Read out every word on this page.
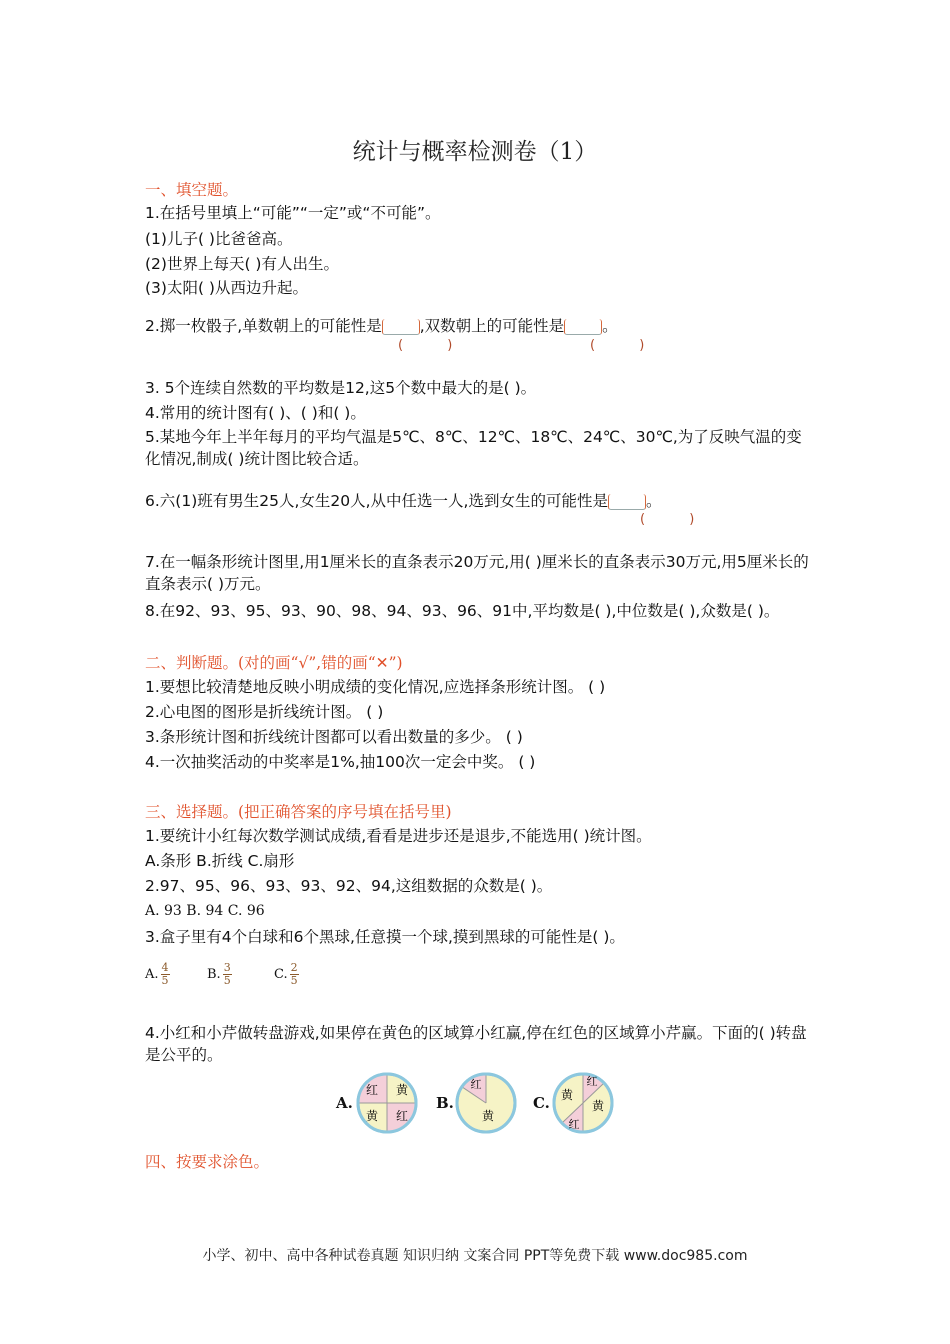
统计与概率检测卷（1）
一、填空题。
1.在括号里填上“可能”“一定”或“不可能”。
(1)儿子( )比爸爸高。
(2)世界上每天( )有人出生。
(3)太阳( )从西边升起。
2.掷一枚骰子,单数朝上的可能性是 ,双数朝上的可能性是 。
( )	( )
3. 5个连续自然数的平均数是12,这5个数中最大的是( )。
4.常用的统计图有( )、( )和( )。
5.某地今年上半年每月的平均气温是5℃、8℃、12℃、18℃、24℃、30℃,为了反映气温的变化情况,制成( )统计图比较合适。
6.六(1)班有男生25人,女生20人,从中任选一人,选到女生的可能性是 。
( )
7.在一幅条形统计图里,用1厘米长的直条表示20万元,用( )厘米长的直条表示30万元,用5厘米长的直条表示( )万元。
8.在92、93、95、93、90、98、94、93、96、91中,平均数是( ),中位数是( ),众数是( )。
二、判断题。(对的画“√”,错的画“✕”)
1.要想比较清楚地反映小明成绩的变化情况,应选择条形统计图。 ( )
2.心电图的图形是折线统计图。 ( )
3.条形统计图和折线统计图都可以看出数量的多少。 ( )
4.一次抽奖活动的中奖率是1%,抽100次一定会中奖。 ( )
三、选择题。(把正确答案的序号填在括号里)
1.要统计小红每次数学测试成绩,看看是进步还是退步,不能选用( )统计图。
A.条形 B.折线 C.扇形
2.97、95、96、93、93、92、94,这组数据的众数是( )。
A. 93 B. 94 C. 96
3.盒子里有4个白球和6个黑球,任意摸一个球,摸到黑球的可能性是( )。
A. $\frac{4}{5}$	B. $\frac{3}{5}$	C. $\frac{2}{5}$
4.小红和小芹做转盘游戏,如果停在黄色的区域算小红赢,停在红色的区域算小芹赢。下面的( )转盘是公平的。
A.	B.	C.
红 黄
黄 红
红
黄
红
黄
黄
红
四、按要求涂色。
小学、初中、高中各种试卷真题 知识归纳 文案合同 PPT等免费下载 www.doc985.com
